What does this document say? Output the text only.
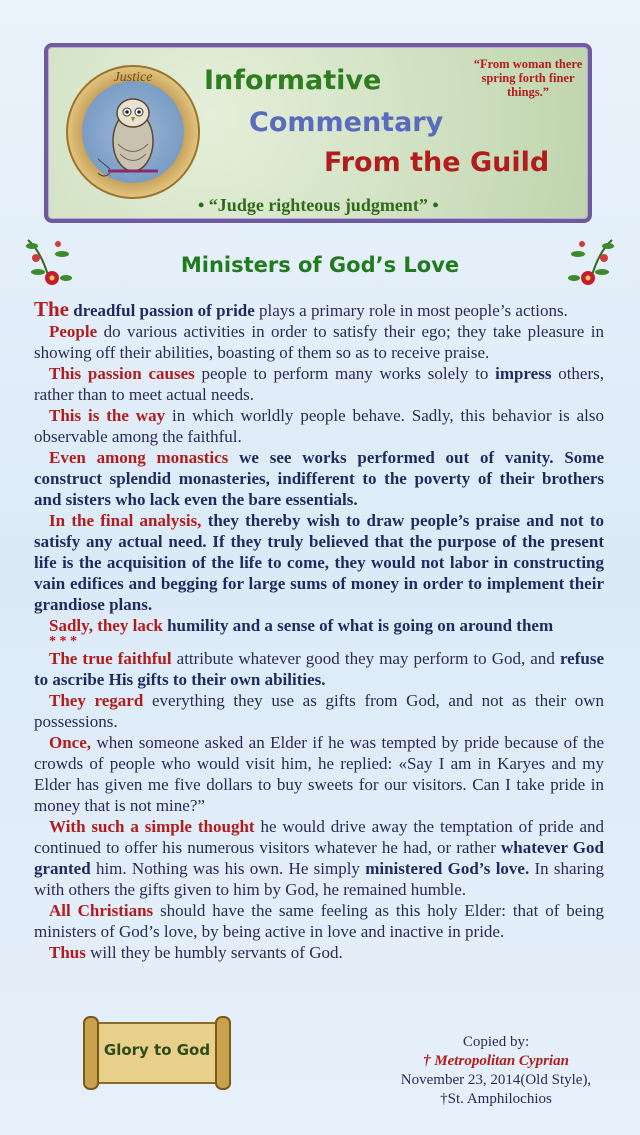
Justice	Informative
Commentary
From the Guild
“From woman there spring forth finer things.”
• “Judge righteous judgment” •
Ministers of God’s Love

The dreadful passion of pride plays a primary role in most people’s actions.

People do various activities in order to satisfy their ego; they take pleasure in showing off their abilities, boasting of them so as to receive praise.

This passion causes people to perform many works solely to impress others, rather than to meet actual needs.

This is the way in which worldly people behave. Sadly, this behavior is also observable among the faithful.

Even among monastics we see works performed out of vanity. Some construct splendid monasteries, indifferent to the poverty of their brothers and sisters who lack even the bare essentials.

In the final analysis, they thereby wish to draw people’s praise and not to satisfy any actual need. If they truly believed that the purpose of the present life is the acquisition of the life to come, they would not labor in constructing vain edifices and begging for large sums of money in order to implement their grandiose plans.

Sadly, they lack humility and a sense of what is going on around them

* * *

The true faithful attribute whatever good they may perform to God, and refuse to ascribe His gifts to their own abilities.

They regard everything they use as gifts from God, and not as their own possessions.

Once, when someone asked an Elder if he was tempted by pride because of the crowds of people who would visit him, he replied: «Say I am in Karyes and my Elder has given me five dollars to buy sweets for our visitors. Can I take pride in money that is not mine?”

With such a simple thought he would drive away the temptation of pride and continued to offer his numerous visitors whatever he had, or rather whatever God granted him. Nothing was his own. He simply ministered God’s love. In sharing with others the gifts given to him by God, he remained humble.

All Christians should have the same feeling as this holy Elder: that of being ministers of God’s love, by being active in love and inactive in pride.

Thus will they be humbly servants of God.

Glory to God	Copied by:
† Metropolitan Cyprian
November 23, 2014(Old Style),
†St. Amphilochios
